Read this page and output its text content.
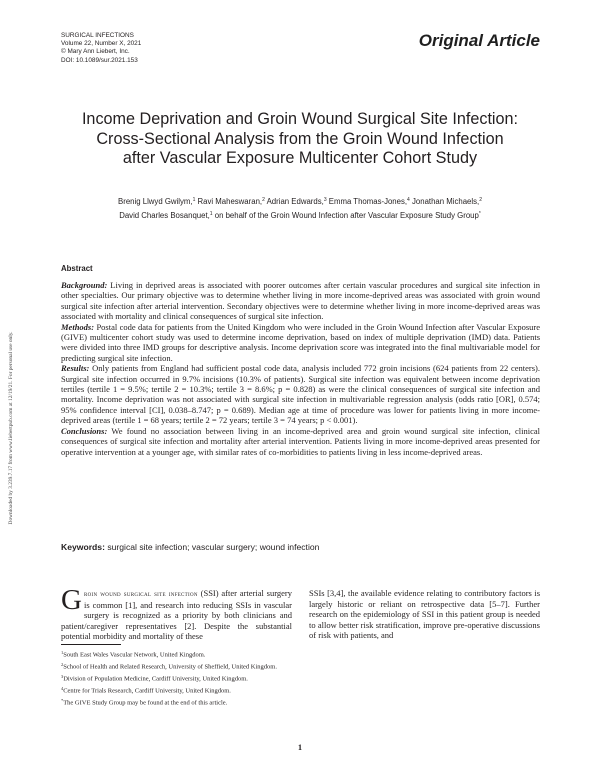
SURGICAL INFECTIONS
Volume 22, Number X, 2021
© Mary Ann Liebert, Inc.
DOI: 10.1089/sur.2021.153
Original Article
Income Deprivation and Groin Wound Surgical Site Infection:
Cross-Sectional Analysis from the Groin Wound Infection
after Vascular Exposure Multicenter Cohort Study
Brenig Llwyd Gwilym,$^1$ Ravi Maheswaran,$^2$ Adrian Edwards,$^3$ Emma Thomas-Jones,$^4$ Jonathan Michaels,$^2$
David Charles Bosanquet,$^1$ on behalf of the Groin Wound Infection after Vascular Exposure Study Group*
Downloaded by 3.239.7.17 from www.liebertpub.com at 12/19/21. For personal use only.
Abstract

Background: Living in deprived areas is associated with poorer outcomes after certain vascular procedures and surgical site infection in other specialties. Our primary objective was to determine whether living in more income-deprived areas was associated with groin wound surgical site infection after arterial intervention. Secondary objectives were to determine whether living in more income-deprived areas was associated with mortality and clinical consequences of surgical site infection.

Methods: Postal code data for patients from the United Kingdom who were included in the Groin Wound Infection after Vascular Exposure (GIVE) multicenter cohort study was used to determine income deprivation, based on index of multiple deprivation (IMD) data. Patients were divided into three IMD groups for descriptive analysis. Income deprivation score was integrated into the final multivariable model for predicting surgical site infection.

Results: Only patients from England had sufficient postal code data, analysis included 772 groin incisions (624 patients from 22 centers). Surgical site infection occurred in 9.7% incisions (10.3% of patients). Surgical site infection was equivalent between income deprivation tertiles (tertile 1 = 9.5%; tertile 2 = 10.3%; tertile 3 = 8.6%; p = 0.828) as were the clinical consequences of surgical site infection and mortality. Income deprivation was not associated with surgical site infection in multivariable regression analysis (odds ratio [OR], 0.574; 95% confidence interval [CI], 0.038–8.747; p = 0.689). Median age at time of procedure was lower for patients living in more income-deprived areas (tertile 1 = 68 years; tertile 2 = 72 years; tertile 3 = 74 years; p < 0.001).

Conclusions: We found no association between living in an income-deprived area and groin wound surgical site infection, clinical consequences of surgical site infection and mortality after arterial intervention. Patients living in more income-deprived areas presented for operative intervention at a younger age, with similar rates of co-morbidities to patients living in less income-deprived areas.

Keywords: surgical site infection; vascular surgery; wound infection

Groin wound surgical site infection (SSI) after arterial surgery is common [1], and research into reducing SSIs in vascular surgery is recognized as a priority by both clinicians and patient/caregiver representatives [2]. Despite the substantial potential morbidity and mortality of these

SSIs [3,4], the available evidence relating to contributory factors is largely historic or reliant on retrospective data [5–7]. Further research on the epidemiology of SSI in this patient group is needed to allow better risk stratification, improve pre-operative discussions of risk with patients, and

$^1$South East Wales Vascular Network, United Kingdom.
$^2$School of Health and Related Research, University of Sheffield, United Kingdom.
$^3$Division of Population Medicine, Cardiff University, United Kingdom.
$^4$Centre for Trials Research, Cardiff University, United Kingdom.
*The GIVE Study Group may be found at the end of this article.
1
